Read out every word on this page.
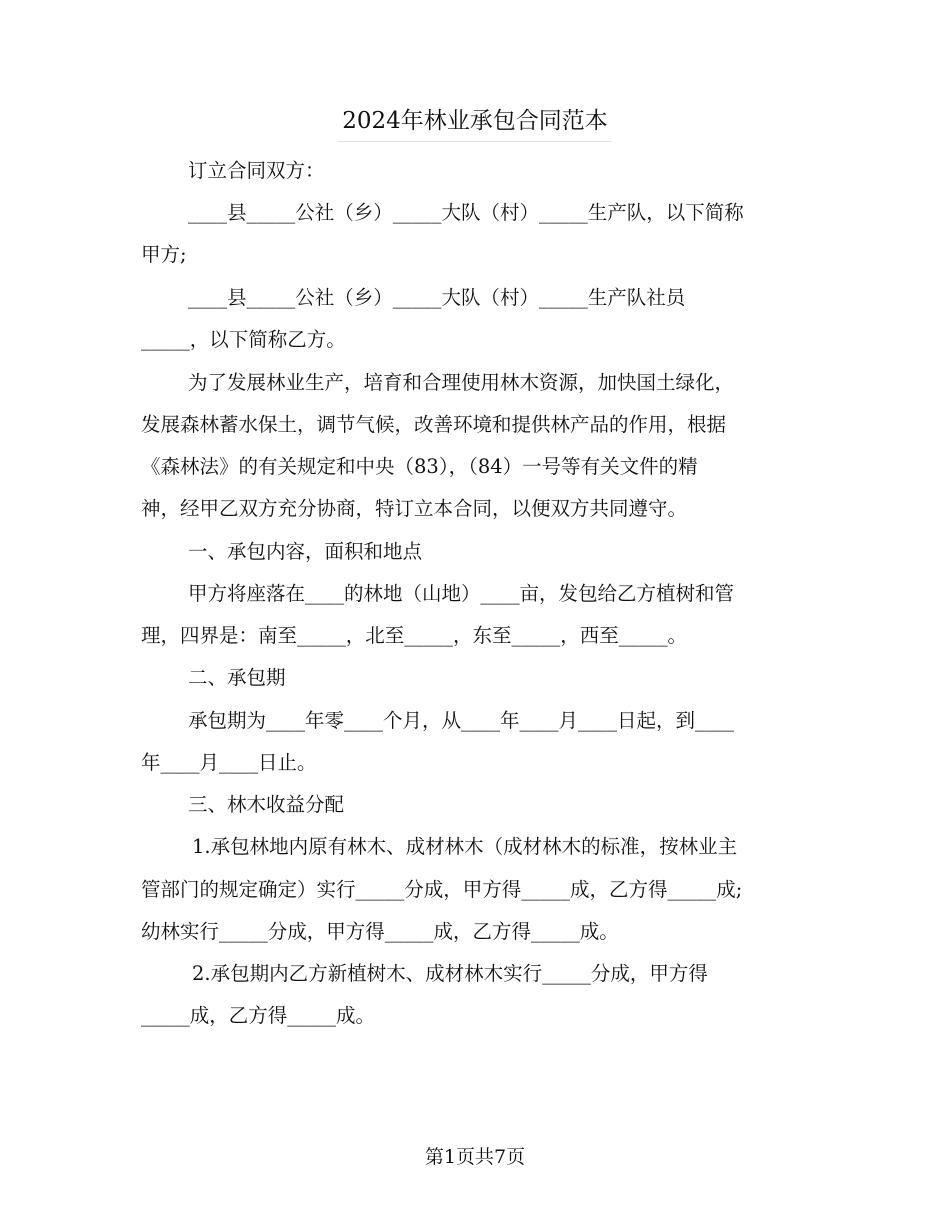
2024年林业承包合同范本
订立合同双方：
____县_____公社（乡）_____大队（村）_____生产队，以下简称
甲方;
____县_____公社（乡）_____大队（村）_____生产队社员
_____，以下简称乙方。
为了发展林业生产，培育和合理使用林木资源，加快国土绿化，
发展森林蓄水保土，调节气候，改善环境和提供林产品的作用，根据
《森林法》的有关规定和中央（83），（84）一号等有关文件的精
神，经甲乙双方充分协商，特订立本合同，以便双方共同遵守。
一、承包内容，面积和地点
甲方将座落在____的林地（山地）____亩，发包给乙方植树和管
理，四界是：南至_____，北至_____，东至_____，西至_____。
二、承包期
承包期为____年零____个月，从____年____月____日起，到____
年____月____日止。
三、林木收益分配
1.承包林地内原有林木、成材林木（成材林木的标准，按林业主
管部门的规定确定）实行_____分成，甲方得_____成，乙方得_____成;
幼林实行_____分成，甲方得_____成，乙方得_____成。
2.承包期内乙方新植树木、成材林木实行_____分成，甲方得
_____成，乙方得_____成。
第1页共7页
